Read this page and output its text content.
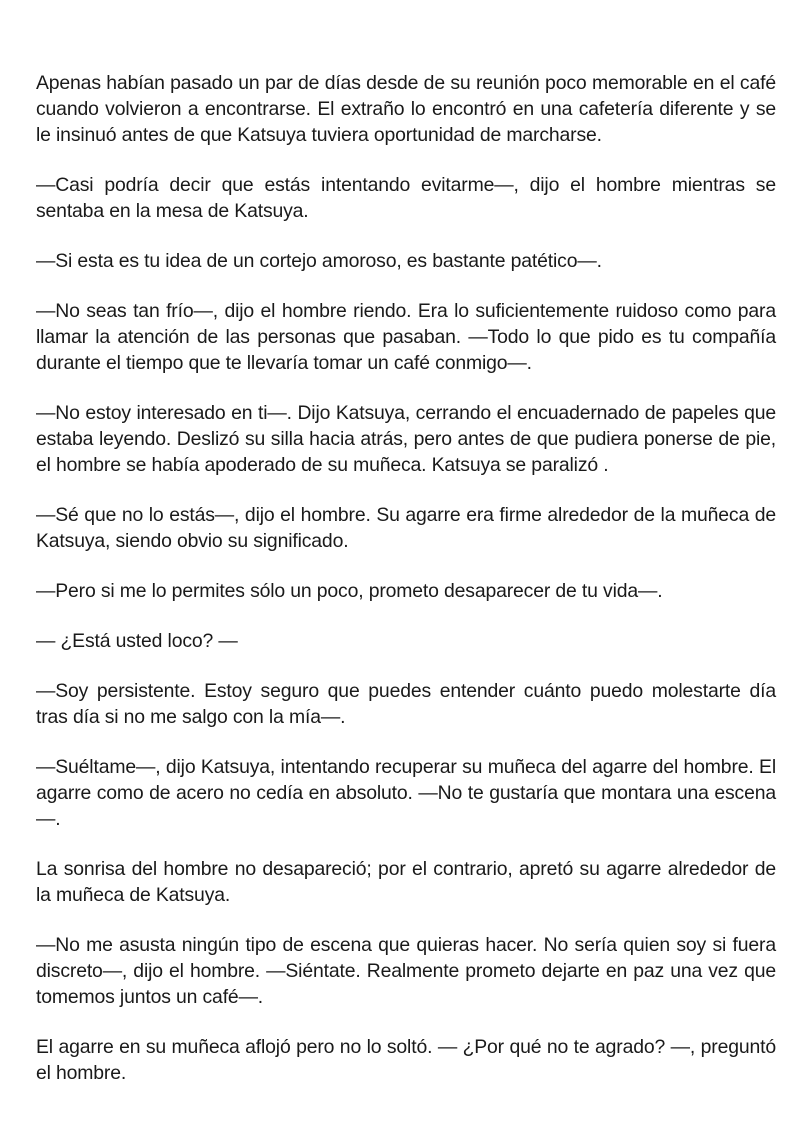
Apenas habían pasado un par de días desde de su reunión poco memorable en el café cuando volvieron a encontrarse. El extraño lo encontró en una cafetería diferente y se le insinuó antes de que Katsuya tuviera oportunidad de marcharse.

—Casi podría decir que estás intentando evitarme—, dijo el hombre mientras se sentaba en la mesa de Katsuya.

—Si esta es tu idea de un cortejo amoroso, es bastante patético—.

—No seas tan frío—, dijo el hombre riendo. Era lo suficientemente ruidoso como para llamar la atención de las personas que pasaban. —Todo lo que pido es tu compañía durante el tiempo que te llevaría tomar un café conmigo—.

—No estoy interesado en ti—. Dijo Katsuya, cerrando el encuadernado de papeles que estaba leyendo. Deslizó su silla hacia atrás, pero antes de que pudiera ponerse de pie, el hombre se había apoderado de su muñeca. Katsuya se paralizó .

—Sé que no lo estás—, dijo el hombre. Su agarre era firme alrededor de la muñeca de Katsuya, siendo obvio su significado.

—Pero si me lo permites sólo un poco, prometo desaparecer de tu vida—.

— ¿Está usted loco? —

—Soy persistente. Estoy seguro que puedes entender cuánto puedo molestarte día tras día si no me salgo con la mía—.

—Suéltame—, dijo Katsuya, intentando recuperar su muñeca del agarre del hombre. El agarre como de acero no cedía en absoluto. —No te gustaría que montara una escena—.

La sonrisa del hombre no desapareció; por el contrario, apretó su agarre alrededor de la muñeca de Katsuya.

—No me asusta ningún tipo de escena que quieras hacer. No sería quien soy si fuera discreto—, dijo el hombre. —Siéntate. Realmente prometo dejarte en paz una vez que tomemos juntos un café—.

El agarre en su muñeca aflojó pero no lo soltó. — ¿Por qué no te agrado? —, preguntó el hombre.
